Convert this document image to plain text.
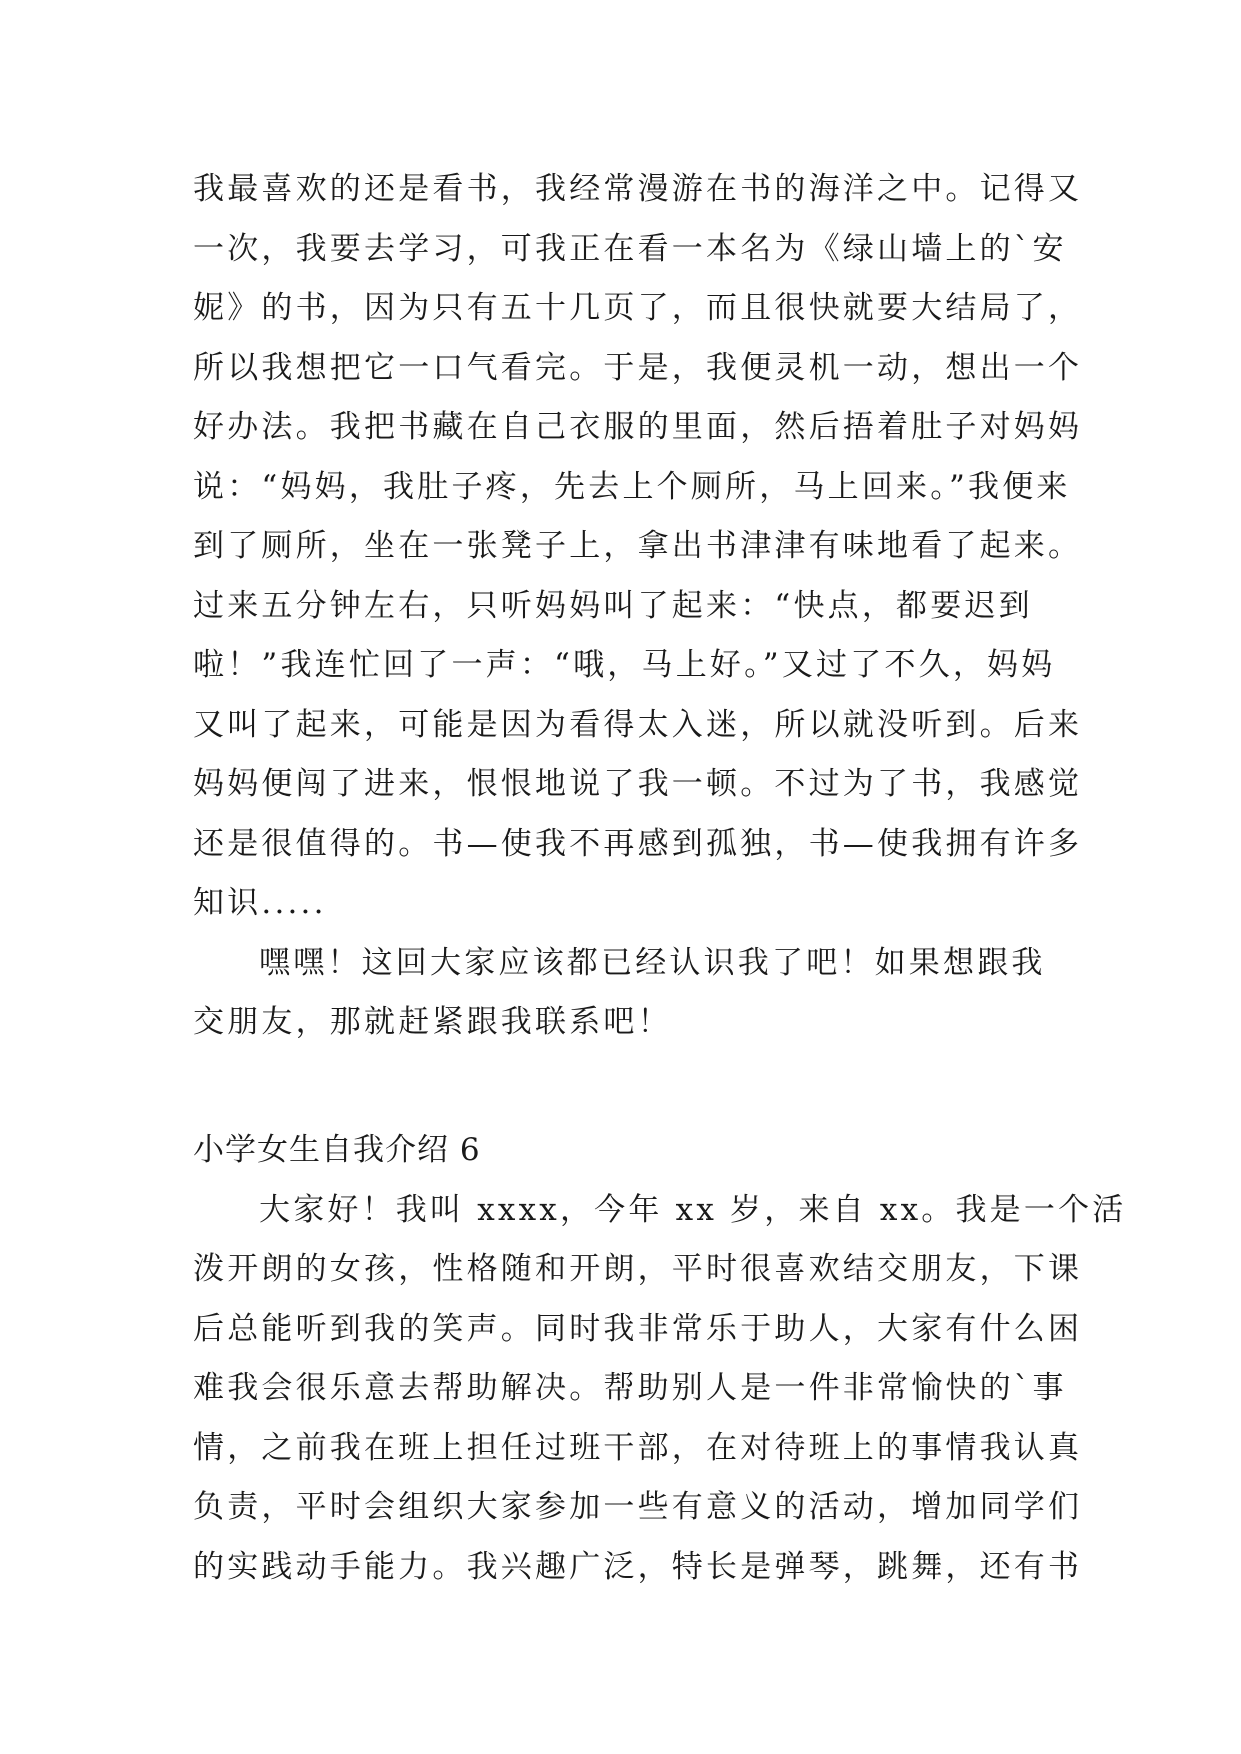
我最喜欢的还是看书，我经常漫游在书的海洋之中。记得又
一次，我要去学习，可我正在看一本名为《绿山墙上的`安
妮》的书，因为只有五十几页了，而且很快就要大结局了，
所以我想把它一口气看完。于是，我便灵机一动，想出一个
好办法。我把书藏在自己衣服的里面，然后捂着肚子对妈妈
说：“妈妈，我肚子疼，先去上个厕所，马上回来。”我便来
到了厕所，坐在一张凳子上，拿出书津津有味地看了起来。
过来五分钟左右，只听妈妈叫了起来：“快点，都要迟到
啦！”我连忙回了一声：“哦，马上好。”又过了不久，妈妈
又叫了起来，可能是因为看得太入迷，所以就没听到。后来
妈妈便闯了进来，恨恨地说了我一顿。不过为了书，我感觉
还是很值得的。书—使我不再感到孤独，书—使我拥有许多
知识.....
嘿嘿！这回大家应该都已经认识我了吧！如果想跟我
交朋友，那就赶紧跟我联系吧！
小学女生自我介绍 6
大家好！我叫 xxxx，今年 xx 岁，来自 xx。我是一个活
泼开朗的女孩，性格随和开朗，平时很喜欢结交朋友，下课
后总能听到我的笑声。同时我非常乐于助人，大家有什么困
难我会很乐意去帮助解决。帮助别人是一件非常愉快的`事
情，之前我在班上担任过班干部，在对待班上的事情我认真
负责，平时会组织大家参加一些有意义的活动，增加同学们
的实践动手能力。我兴趣广泛，特长是弹琴，跳舞，还有书
